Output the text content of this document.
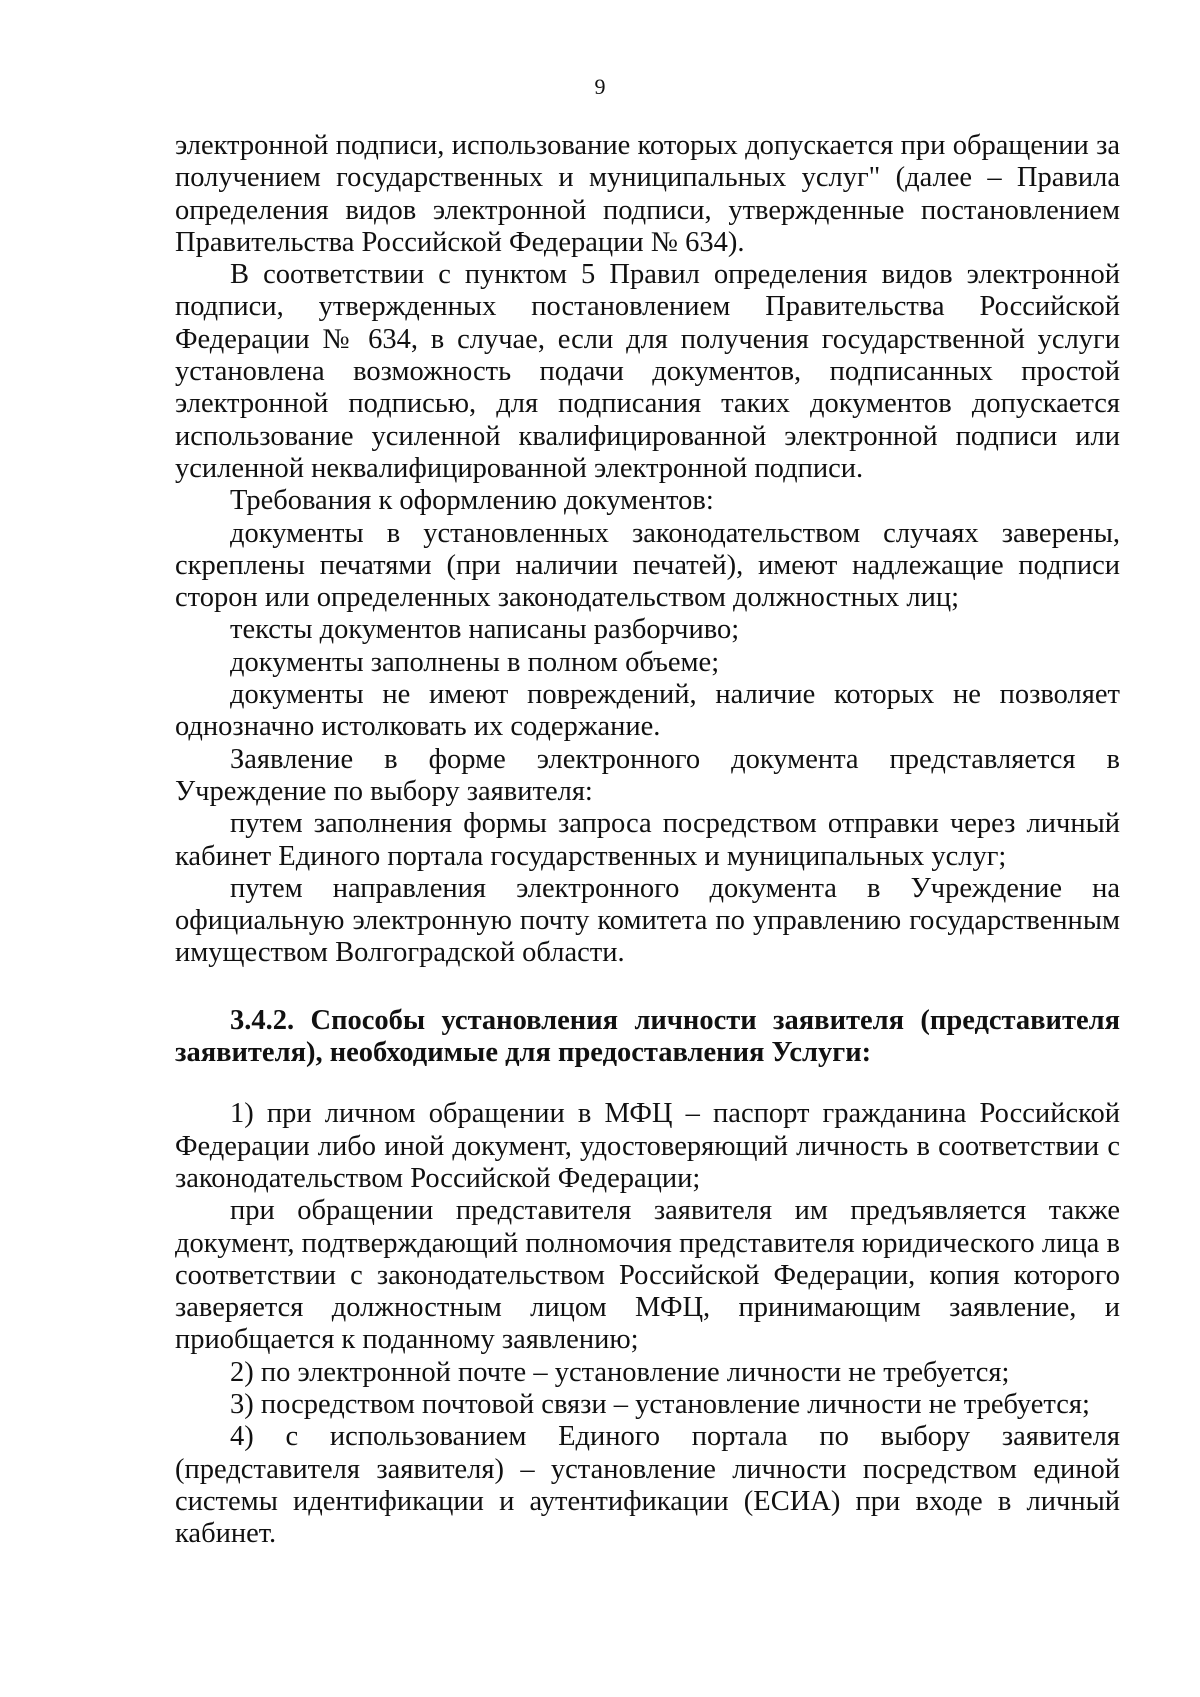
9

электронной подписи, использование которых допускается при обращении за получением государственных и муниципальных услуг" (далее – Правила определения видов электронной подписи, утвержденные постановлением Правительства Российской Федерации № 634).

В соответствии с пунктом 5 Правил определения видов электронной подписи, утвержденных постановлением Правительства Российской Федерации № 634, в случае, если для получения государственной услуги установлена возможность подачи документов, подписанных простой электронной подписью, для подписания таких документов допускается использование усиленной квалифицированной электронной подписи или усиленной неквалифицированной электронной подписи.

Требования к оформлению документов:

документы в установленных законодательством случаях заверены, скреплены печатями (при наличии печатей), имеют надлежащие подписи сторон или определенных законодательством должностных лиц;

тексты документов написаны разборчиво;

документы заполнены в полном объеме;

документы не имеют повреждений, наличие которых не позволяет однозначно истолковать их содержание.

Заявление в форме электронного документа представляется в Учреждение по выбору заявителя:

путем заполнения формы запроса посредством отправки через личный кабинет Единого портала государственных и муниципальных услуг;

путем направления электронного документа в Учреждение на официальную электронную почту комитета по управлению государственным имуществом Волгоградской области.

3.4.2. Способы установления личности заявителя (представителя заявителя), необходимые для предоставления Услуги:

1) при личном обращении в МФЦ – паспорт гражданина Российской Федерации либо иной документ, удостоверяющий личность в соответствии с законодательством Российской Федерации;

при обращении представителя заявителя им предъявляется также документ, подтверждающий полномочия представителя юридического лица в соответствии с законодательством Российской Федерации, копия которого заверяется должностным лицом МФЦ, принимающим заявление, и приобщается к поданному заявлению;

2) по электронной почте – установление личности не требуется;

3) посредством почтовой связи – установление личности не требуется;

4) с использованием Единого портала по выбору заявителя (представителя заявителя) – установление личности посредством единой системы идентификации и аутентификации (ЕСИА) при входе в личный кабинет.
